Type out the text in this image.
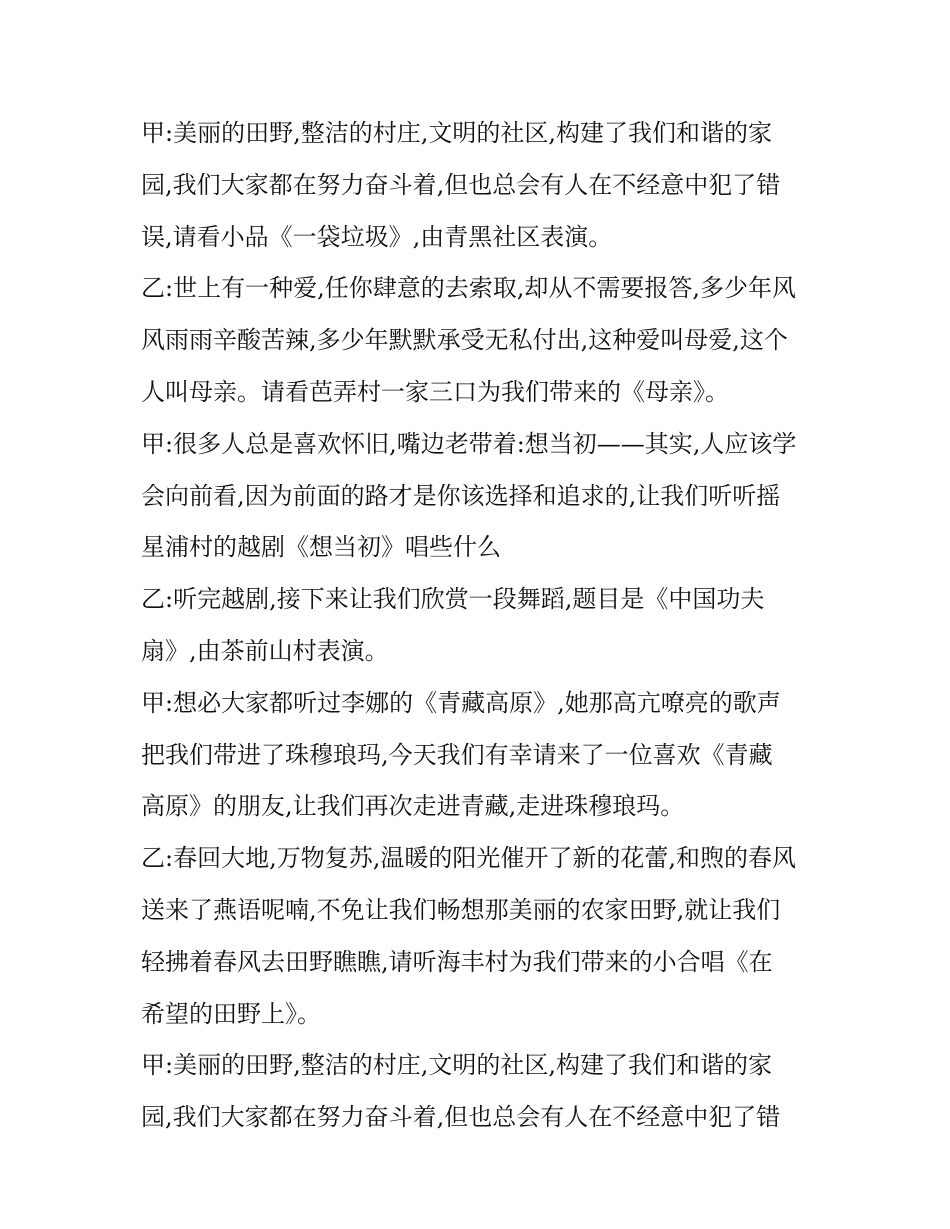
甲:美丽的田野,整洁的村庄,文明的社区,构建了我们和谐的家
园,我们大家都在努力奋斗着,但也总会有人在不经意中犯了错
误,请看小品《一袋垃圾》,由青黑社区表演。

乙:世上有一种爱,任你肆意的去索取,却从不需要报答,多少年风
风雨雨辛酸苦辣,多少年默默承受无私付出,这种爱叫母爱,这个
人叫母亲。请看芭弄村一家三口为我们带来的《母亲》。

甲:很多人总是喜欢怀旧,嘴边老带着:想当初——其实,人应该学
会向前看,因为前面的路才是你该选择和追求的,让我们听听摇
星浦村的越剧《想当初》唱些什么

乙:听完越剧,接下来让我们欣赏一段舞蹈,题目是《中国功夫
扇》,由茶前山村表演。

甲:想必大家都听过李娜的《青藏高原》,她那高亢嘹亮的歌声
把我们带进了珠穆琅玛,今天我们有幸请来了一位喜欢《青藏
高原》的朋友,让我们再次走进青藏,走进珠穆琅玛。

乙:春回大地,万物复苏,温暖的阳光催开了新的花蕾,和煦的春风
送来了燕语呢喃,不免让我们畅想那美丽的农家田野,就让我们
轻拂着春风去田野瞧瞧,请听海丰村为我们带来的小合唱《在
希望的田野上》。

甲:美丽的田野,整洁的村庄,文明的社区,构建了我们和谐的家
园,我们大家都在努力奋斗着,但也总会有人在不经意中犯了错
